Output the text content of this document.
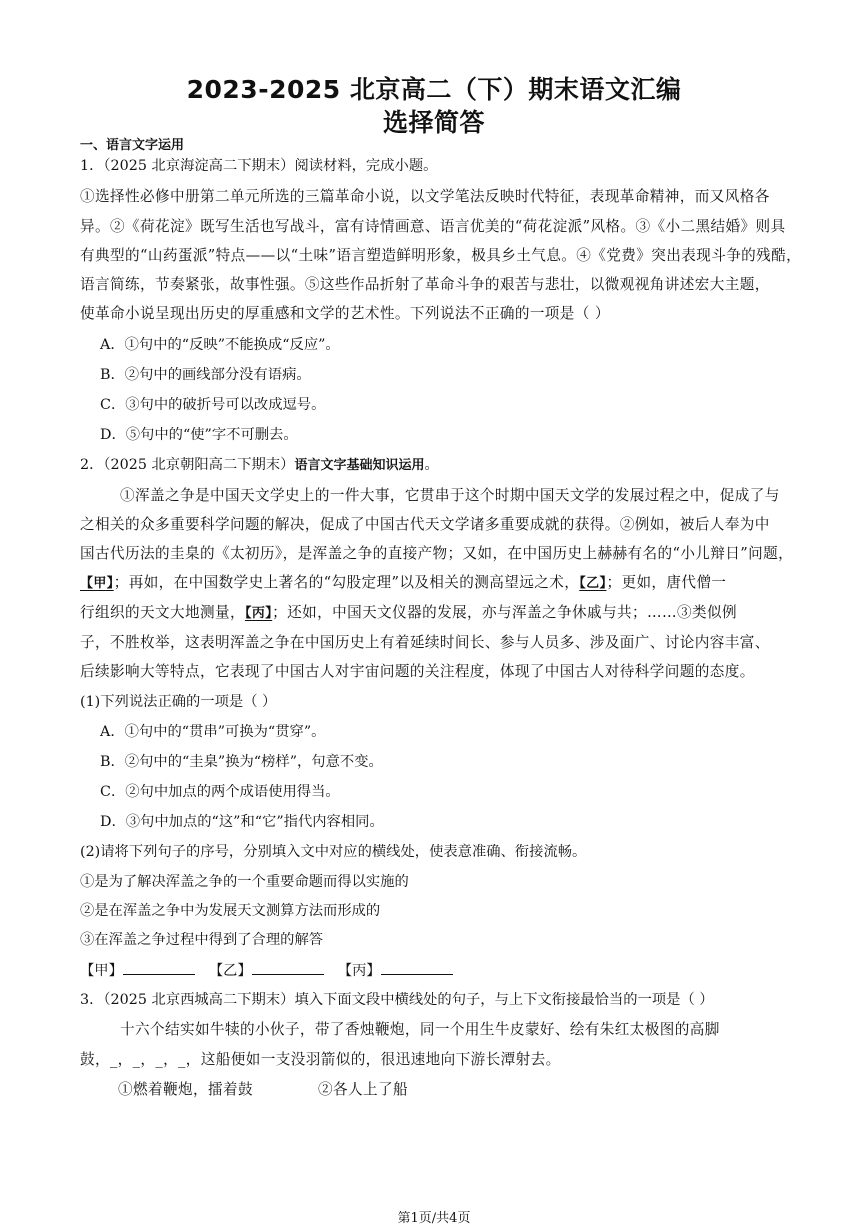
2023-2025 北京高二（下）期末语文汇编
选择简答
一、语言文字运用
1．（2025 北京海淀高二下期末）阅读材料，完成小题。
①选择性必修中册第二单元所选的三篇革命小说，以文学笔法反映时代特征，表现革命精神，而又风格各
异。②《荷花淀》既写生活也写战斗，富有诗情画意、语言优美的“荷花淀派”风格。③《小二黑结婚》则具
有典型的“山药蛋派”特点——以“土味”语言塑造鲜明形象，极具乡土气息。④《党费》突出表现斗争的残酷，
语言简练，节奏紧张，故事性强。⑤这些作品折射了革命斗争的艰苦与悲壮，以微观视角讲述宏大主题，
使革命小说呈现出历史的厚重感和文学的艺术性。下列说法不正确的一项是（ ）
A．①句中的“反映”不能换成“反应”。
B．②句中的画线部分没有语病。
C．③句中的破折号可以改成逗号。
D．⑤句中的“使”字不可删去。
2．（2025 北京朝阳高二下期末）语言文字基础知识运用。
①浑盖之争是中国天文学史上的一件大事，它贯串于这个时期中国天文学的发展过程之中，促成了与
之相关的众多重要科学问题的解决，促成了中国古代天文学诸多重要成就的获得。②例如，被后人奉为中
国古代历法的圭臬的《太初历》，是浑盖之争的直接产物；又如，在中国历史上赫赫有名的“小儿辩日”问题，
【甲】；再如，在中国数学史上著名的“勾股定理”以及相关的测高望远之术，【乙】；更如，唐代僧一
行组织的天文大地测量，【丙】；还如，中国天文仪器的发展，亦与浑盖之争休戚与共；……③类似例
子，不胜枚举，这表明浑盖之争在中国历史上有着延续时间长、参与人员多、涉及面广、讨论内容丰富、
后续影响大等特点，它表现了中国古人对宇宙问题的关注程度，体现了中国古人对待科学问题的态度。
(1)下列说法正确的一项是（ ）
A．①句中的“贯串”可换为“贯穿”。
B．②句中的“圭臬”换为“榜样”，句意不变。
C．②句中加点的两个成语使用得当。
D．③句中加点的“这”和“它”指代内容相同。
(2)请将下列句子的序号，分别填入文中对应的横线处，使表意准确、衔接流畅。
①是为了解决浑盖之争的一个重要命题而得以实施的
②是在浑盖之争中为发展天文测算方法而形成的
③在浑盖之争过程中得到了合理的解答
【甲】	【乙】	【丙】
3．（2025 北京西城高二下期末）填入下面文段中横线处的句子，与上下文衔接最恰当的一项是（ ）
十六个结实如牛犊的小伙子，带了香烛鞭炮，同一个用生牛皮蒙好、绘有朱红太极图的高脚
鼓，_，_，_，_，这船便如一支没羽箭似的，很迅速地向下游长潭射去。
①燃着鞭炮，擂着鼓	②各人上了船
第1页/共4页
